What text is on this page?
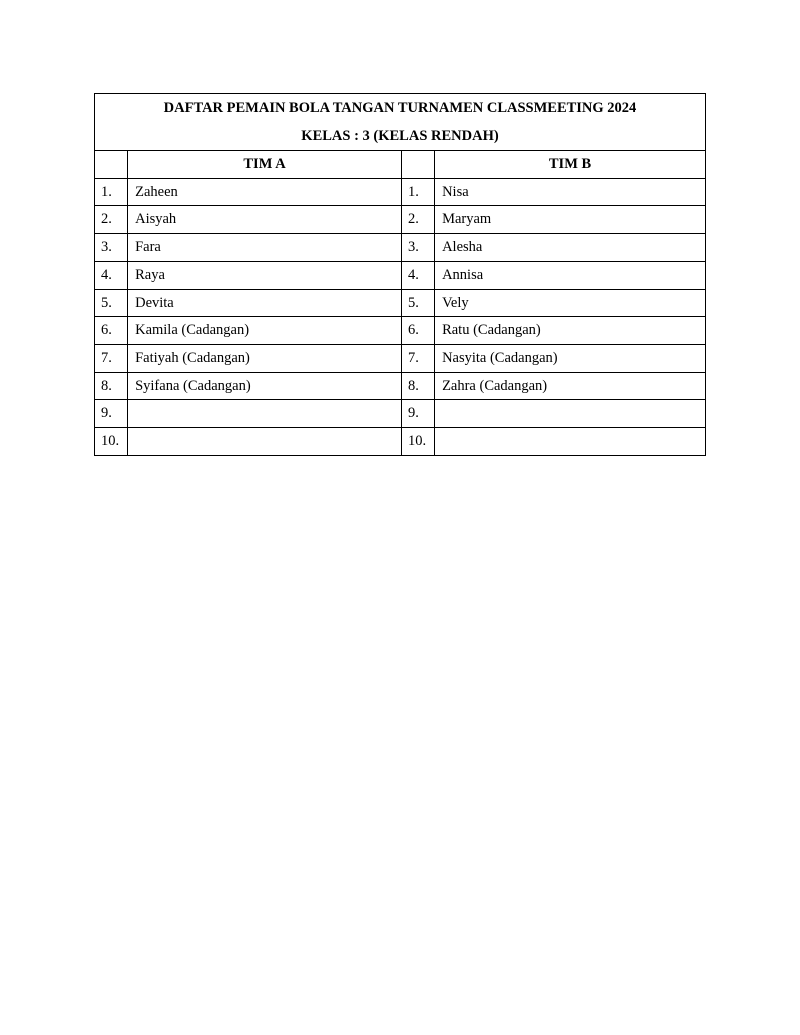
DAFTAR PEMAIN BOLA TANGAN TURNAMEN CLASSMEETING 2024
KELAS : 3 (KELAS RENDAH)			

	TIM A		TIM B
1.	Zaheen	1.	Nisa
2.	Aisyah	2.	Maryam
3.	Fara	3.	Alesha
4.	Raya	4.	Annisa
5.	Devita	5.	Vely
6.	Kamila (Cadangan)	6.	Ratu (Cadangan)
7.	Fatiyah (Cadangan)	7.	Nasyita (Cadangan)
8.	Syifana (Cadangan)	8.	Zahra (Cadangan)
9.		9.	
10.		10.	
